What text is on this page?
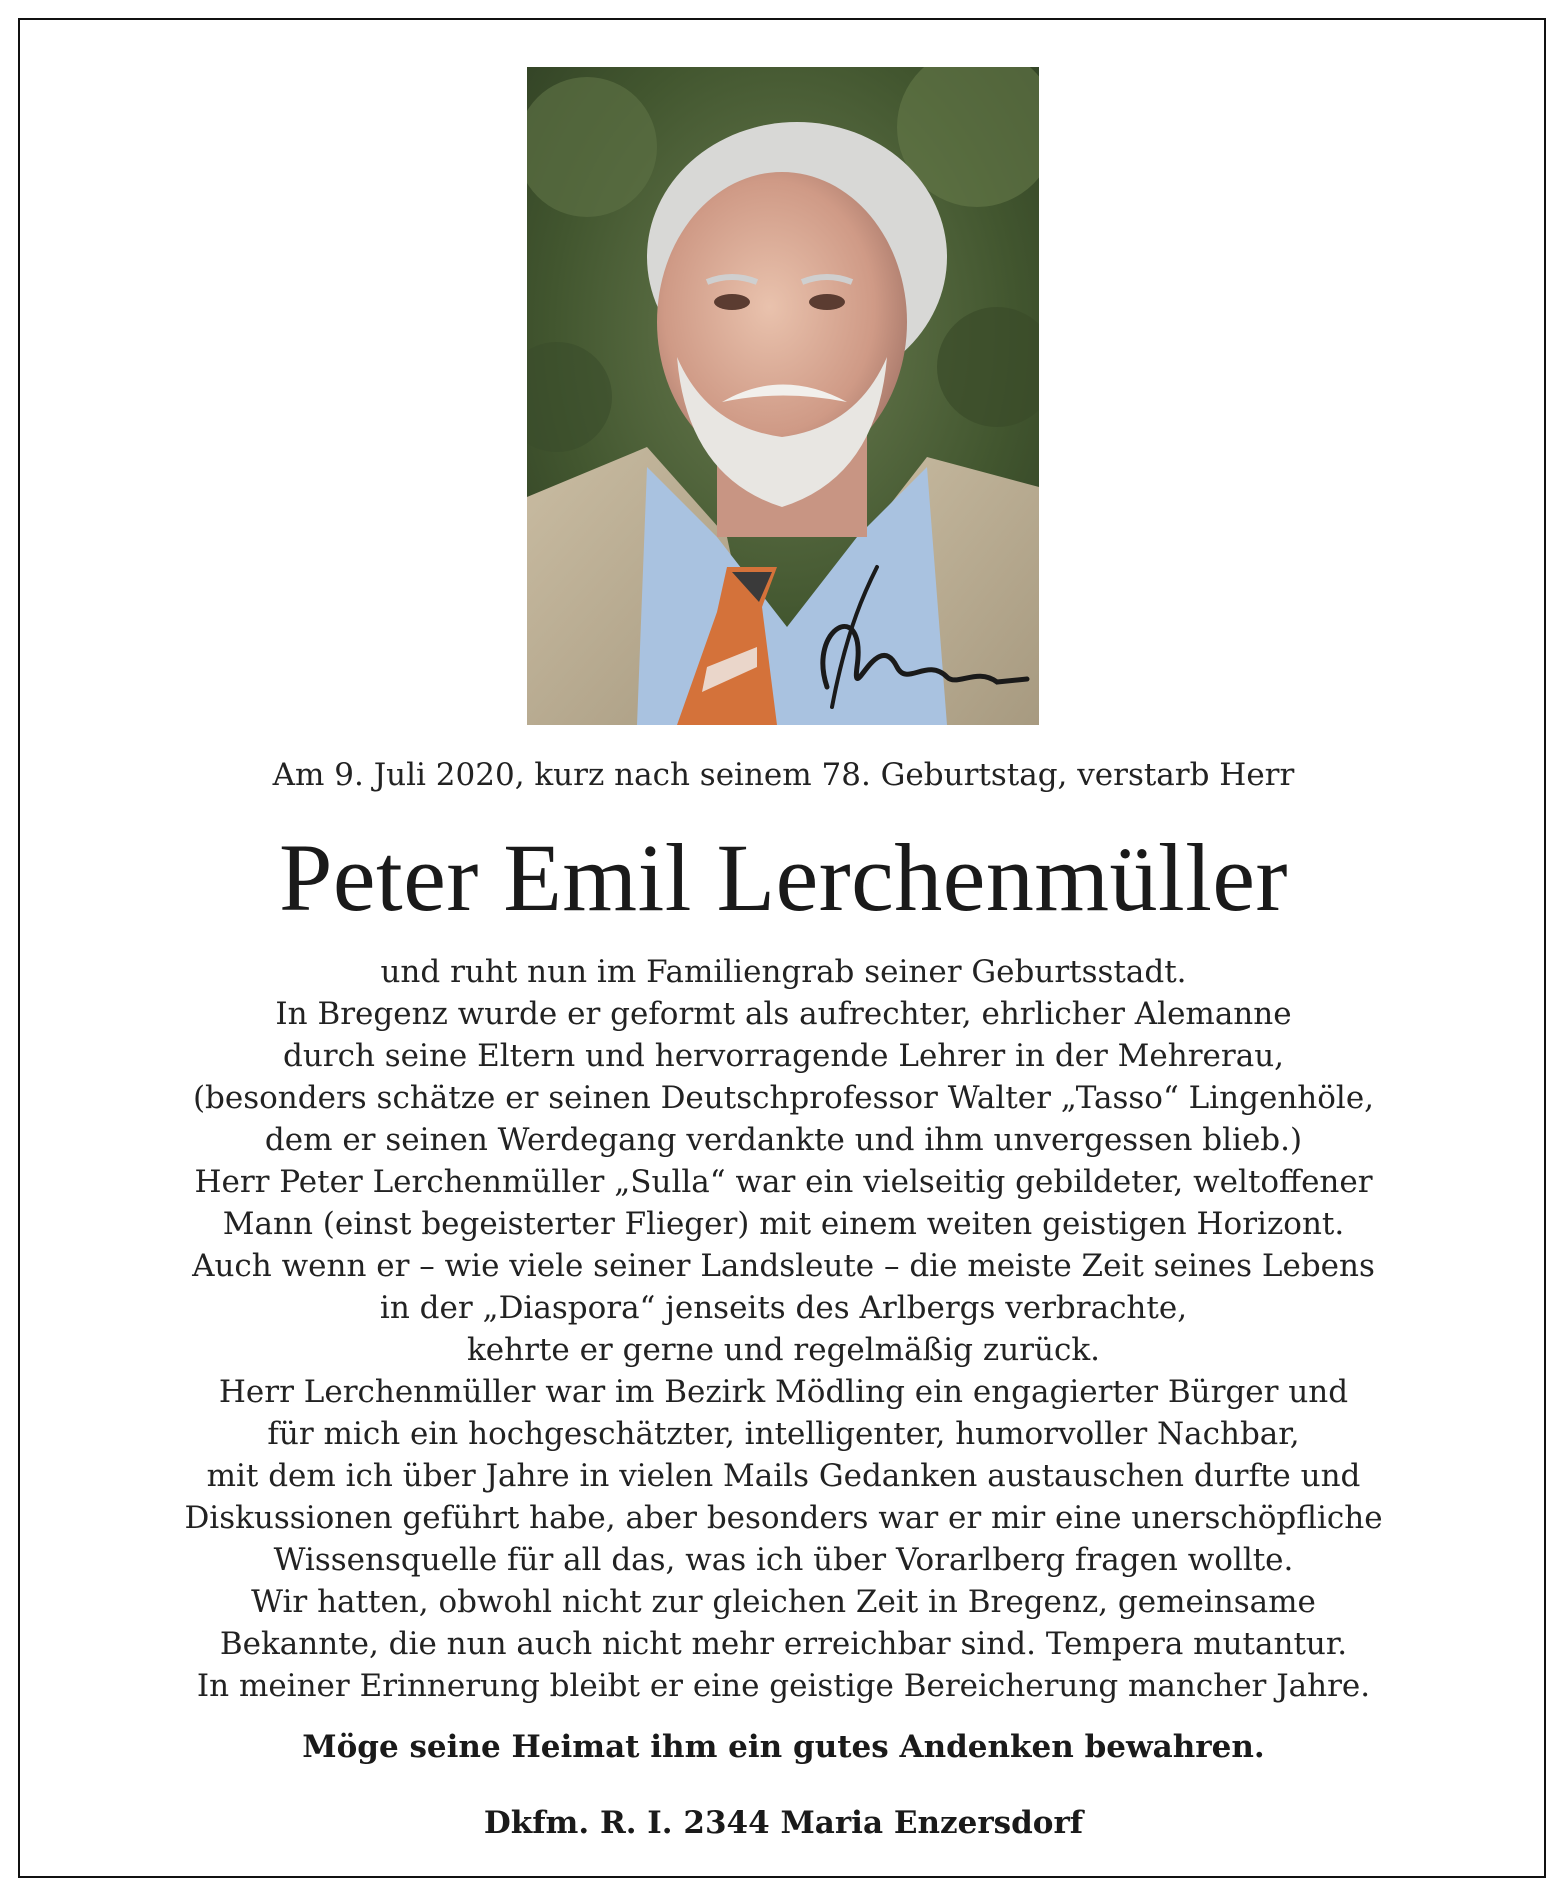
Am 9. Juli 2020, kurz nach seinem 78. Geburtstag, verstarb Herr
Peter Emil Lerchenmüller
und ruht nun im Familiengrab seiner Geburtsstadt.
In Bregenz wurde er geformt als aufrechter, ehrlicher Alemanne
durch seine Eltern und hervorragende Lehrer in der Mehrerau,
(besonders schätze er seinen Deutschprofessor Walter „Tasso“ Lingenhöle,
dem er seinen Werdegang verdankte und ihm unvergessen blieb.)
Herr Peter Lerchenmüller „Sulla“ war ein vielseitig gebildeter, weltoffener
Mann (einst begeisterter Flieger) mit einem weiten geistigen Horizont.
Auch wenn er – wie viele seiner Landsleute – die meiste Zeit seines Lebens
in der „Diaspora“ jenseits des Arlbergs verbrachte,
kehrte er gerne und regelmäßig zurück.
Herr Lerchenmüller war im Bezirk Mödling ein engagierter Bürger und
für mich ein hochgeschätzter, intelligenter, humorvoller Nachbar,
mit dem ich über Jahre in vielen Mails Gedanken austauschen durfte und
Diskussionen geführt habe, aber besonders war er mir eine unerschöpfliche
Wissensquelle für all das, was ich über Vorarlberg fragen wollte.
Wir hatten, obwohl nicht zur gleichen Zeit in Bregenz, gemeinsame
Bekannte, die nun auch nicht mehr erreichbar sind. Tempera mutantur.
In meiner Erinnerung bleibt er eine geistige Bereicherung mancher Jahre.
Möge seine Heimat ihm ein gutes Andenken bewahren.
Dkfm. R. I. 2344 Maria Enzersdorf
